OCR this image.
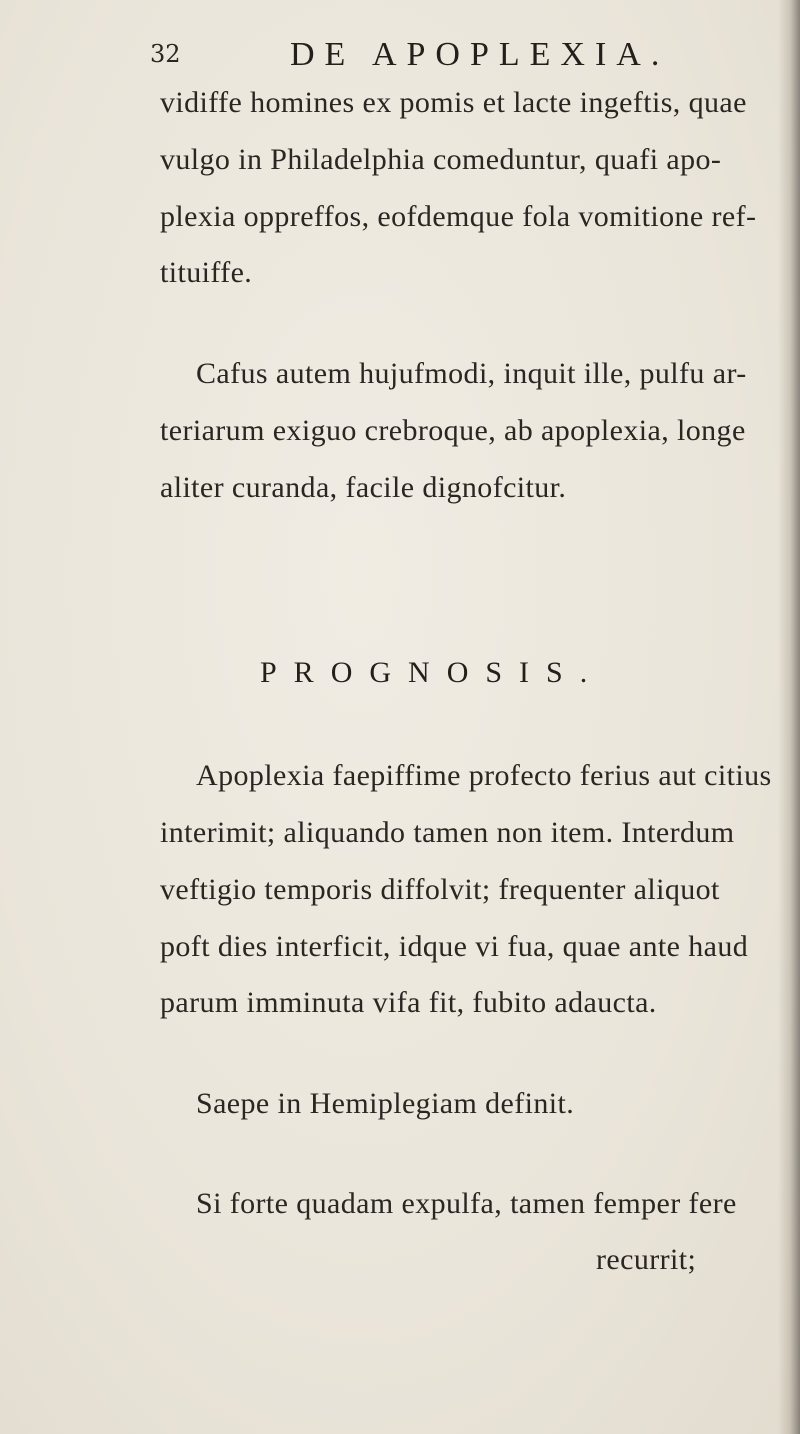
32	DE APOPLEXIA.
vidiffe homines ex pomis et lacte ingeftis, quae
vulgo in Philadelphia comeduntur, quafi apo-
plexia oppreffos, eofdemque fola vomitione ref-
tituiffe.
Cafus autem hujufmodi, inquit ille, pulfu ar-
teriarum exiguo crebroque, ab apoplexia, longe
aliter curanda, facile dignofcitur.
PROGNOSIS.
Apoplexia faepiffime profecto ferius aut citius
interimit; aliquando tamen non item. Interdum
veftigio temporis diffolvit; frequenter aliquot
poft dies interficit, idque vi fua, quae ante haud
parum imminuta vifa fit, fubito adaucta.
Saepe in Hemiplegiam definit.
Si forte quadam expulfa, tamen femper fere
recurrit;
